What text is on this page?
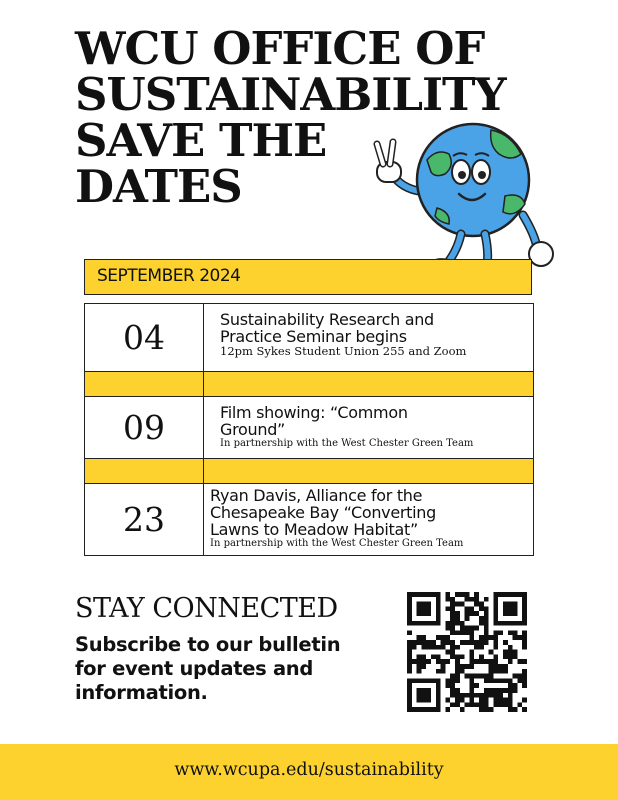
WCU OFFICE OF
SUSTAINABILITY
SAVE THE
DATES
SEPTEMBER 2024
04	Sustainability Research and
Practice Seminar begins
12pm Sykes Student Union 255 and Zoom

09	Film showing: “Common
Ground”
In partnership with the West Chester Green Team

23	Ryan Davis, Alliance for the
Chesapeake Bay “Converting
Lawns to Meadow Habitat”
In partnership with the West Chester Green Team
STAY CONNECTED

Subscribe to our bulletin
for event updates and
information.

www.wcupa.edu/sustainability
